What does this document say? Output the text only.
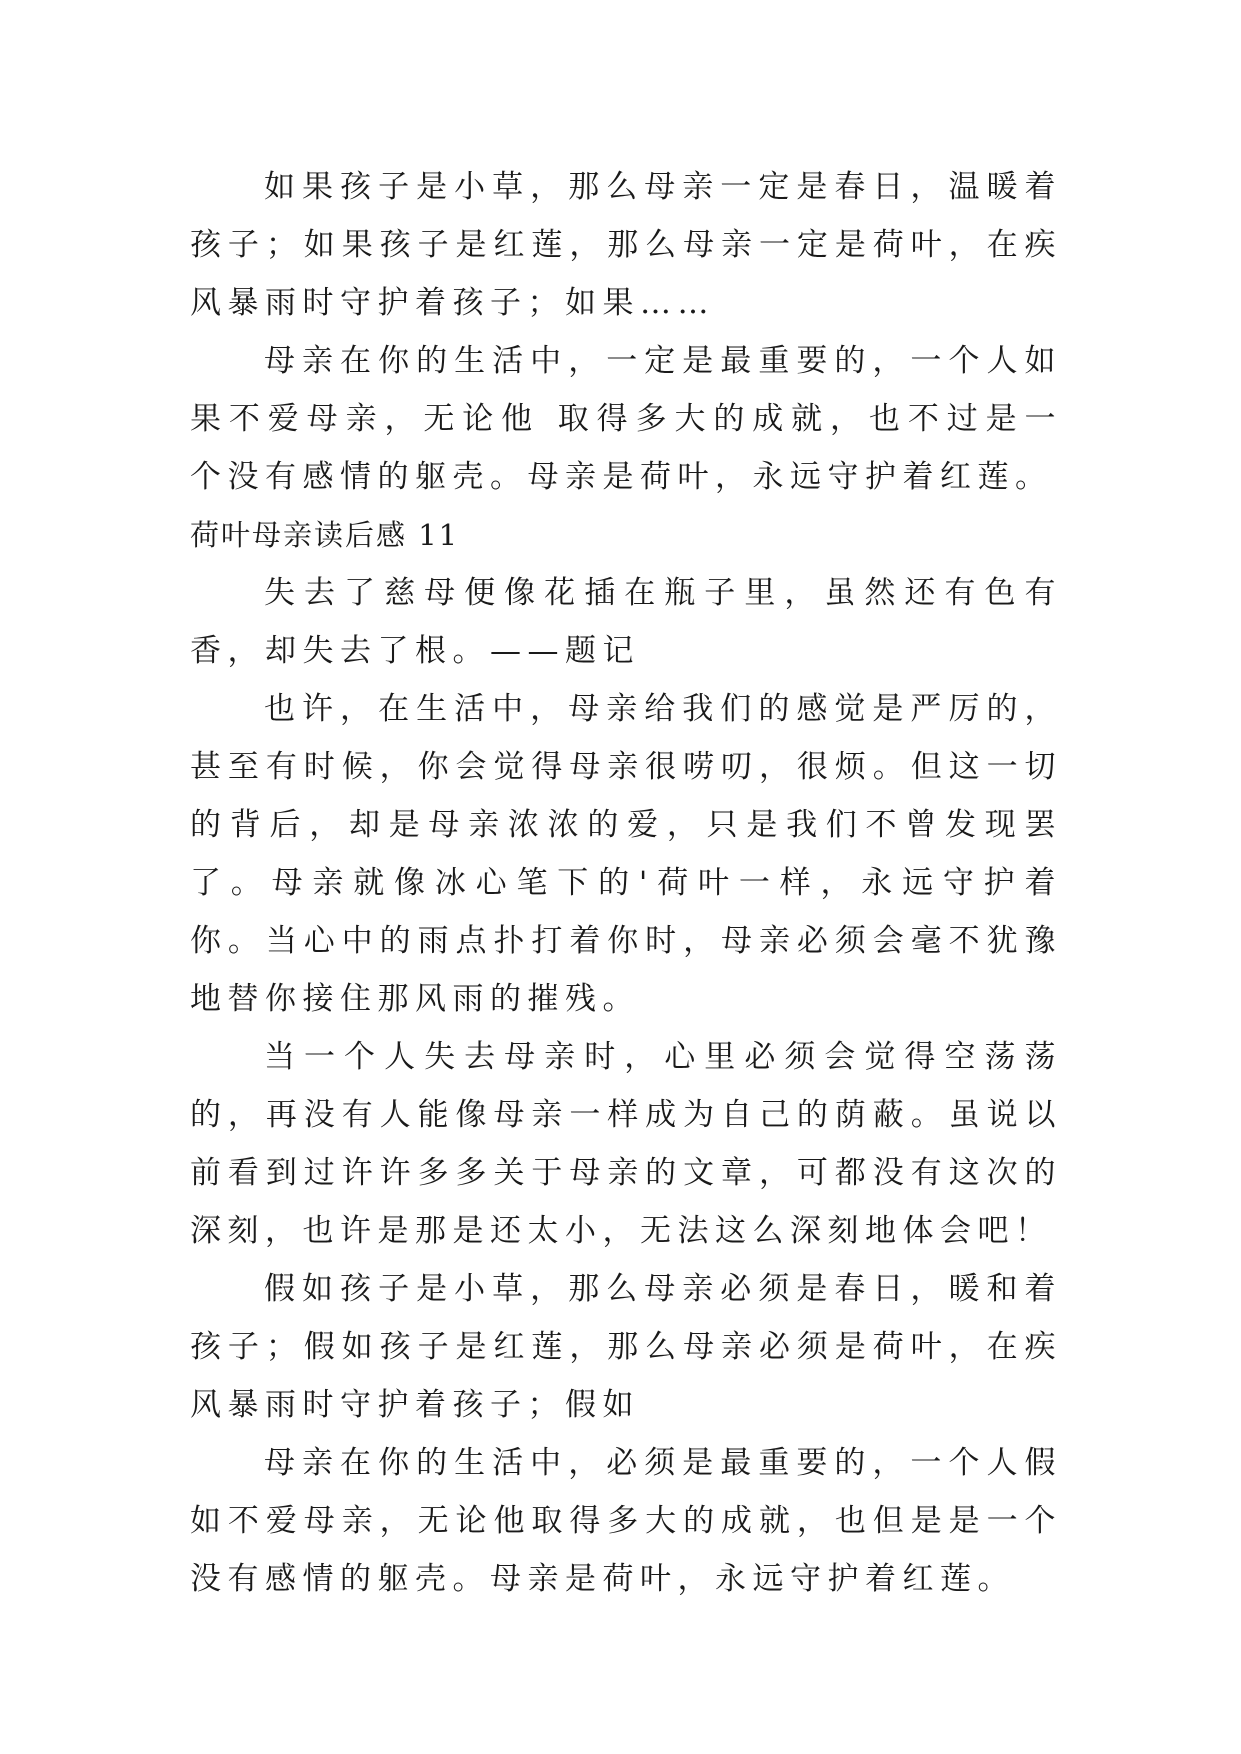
如果孩子是小草，那么母亲一定是春日，温暖着孩子；如果孩子是红莲，那么母亲一定是荷叶，在疾风暴雨时守护着孩子；如果……

母亲在你的生活中，一定是最重要的，一个人如果不爱母亲，无论他 取得多大的成就，也不过是一个没有感情的躯壳。母亲是荷叶，永远守护着红莲。

荷叶母亲读后感 11

失去了慈母便像花插在瓶子里，虽然还有色有香，却失去了根。——题记

也许，在生活中，母亲给我们的感觉是严厉的，甚至有时候，你会觉得母亲很唠叨，很烦。但这一切的背后，却是母亲浓浓的爱，只是我们不曾发现罢了。母亲就像冰心笔下的'荷叶一样，永远守护着你。当心中的雨点扑打着你时，母亲必须会毫不犹豫地替你接住那风雨的摧残。

当一个人失去母亲时，心里必须会觉得空荡荡的，再没有人能像母亲一样成为自己的荫蔽。虽说以前看到过许许多多关于母亲的文章，可都没有这次的深刻，也许是那是还太小，无法这么深刻地体会吧！

假如孩子是小草，那么母亲必须是春日，暖和着孩子；假如孩子是红莲，那么母亲必须是荷叶，在疾风暴雨时守护着孩子；假如

母亲在你的生活中，必须是最重要的，一个人假如不爱母亲，无论他取得多大的成就，也但是是一个没有感情的躯壳。母亲是荷叶，永远守护着红莲。
